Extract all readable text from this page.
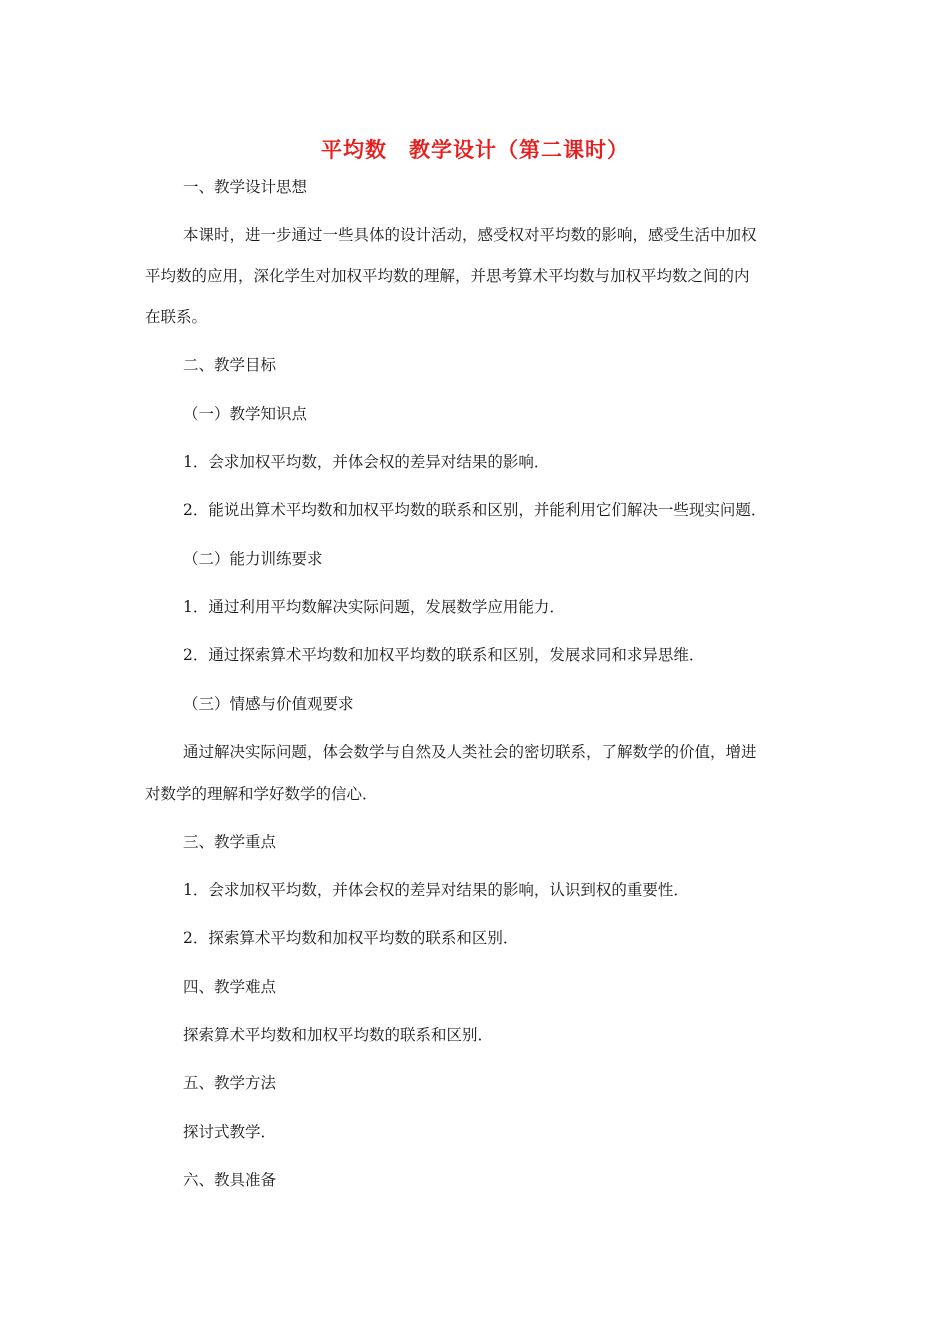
平均数　教学设计（第二课时）
一、教学设计思想
本课时，进一步通过一些具体的设计活动，感受权对平均数的影响，感受生活中加权
平均数的应用，深化学生对加权平均数的理解，并思考算术平均数与加权平均数之间的内
在联系。
二、教学目标
（一）教学知识点
1．会求加权平均数，并体会权的差异对结果的影响．
2．能说出算术平均数和加权平均数的联系和区别，并能利用它们解决一些现实问题．
（二）能力训练要求
1．通过利用平均数解决实际问题，发展数学应用能力．
2．通过探索算术平均数和加权平均数的联系和区别，发展求同和求异思维．
（三）情感与价值观要求
通过解决实际问题，体会数学与自然及人类社会的密切联系，了解数学的价值，增进
对数学的理解和学好数学的信心．
三、教学重点
1．会求加权平均数，并体会权的差异对结果的影响，认识到权的重要性．
2．探索算术平均数和加权平均数的联系和区别．
四、教学难点
探索算术平均数和加权平均数的联系和区别．
五、教学方法
探讨式教学．
六、教具准备
